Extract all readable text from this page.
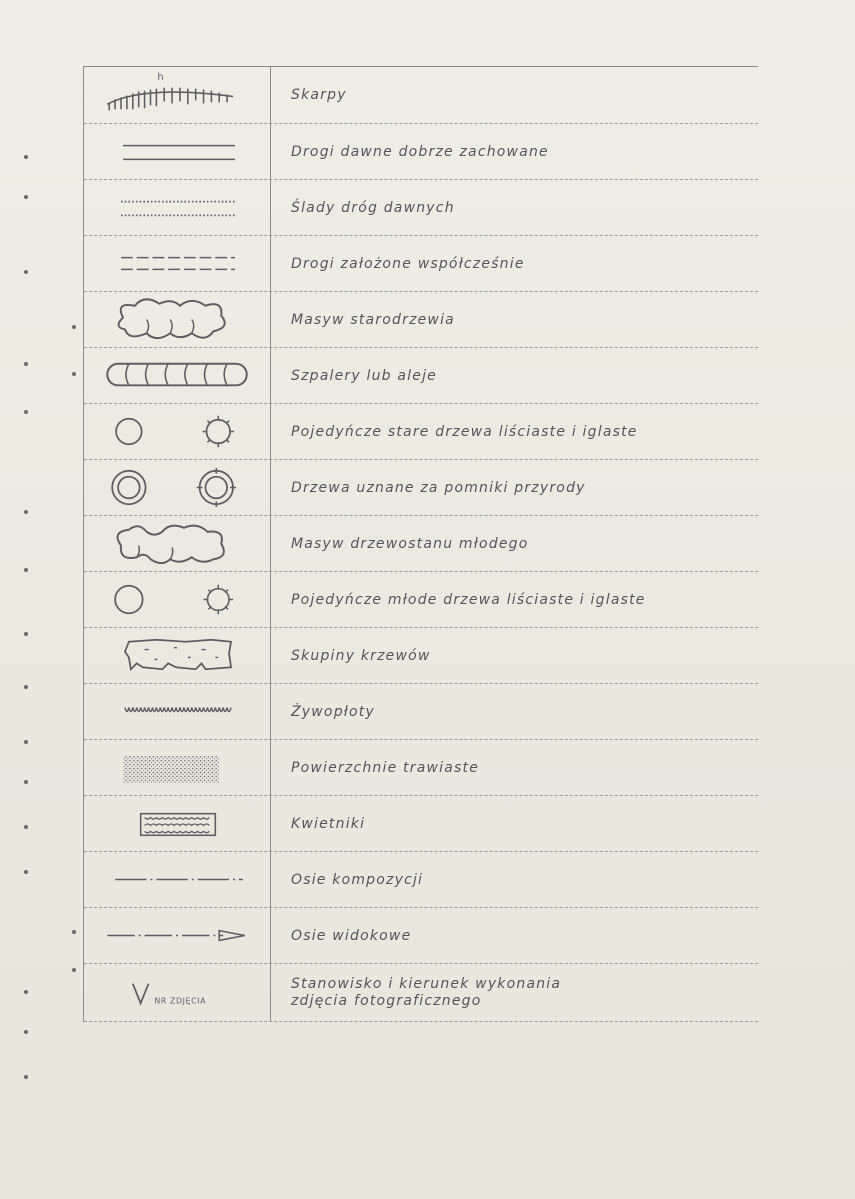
h
Skarpy
Drogi dawne dobrze zachowane
Ślady dróg dawnych
Drogi założone współcześnie
Masyw starodrzewia
Szpalery lub aleje
Pojedyńcze stare drzewa liściaste i iglaste
Drzewa uznane za pomniki przyrody
Masyw drzewostanu młodego
Pojedyńcze młode drzewa liściaste i iglaste
Skupiny krzewów
Żywopłoty
Powierzchnie trawiaste
Kwietniki
Osie kompozycji
Osie widokowe
NR ZDJĘCIA
Stanowisko i kierunek wykonania
zdjęcia fotograficznego
